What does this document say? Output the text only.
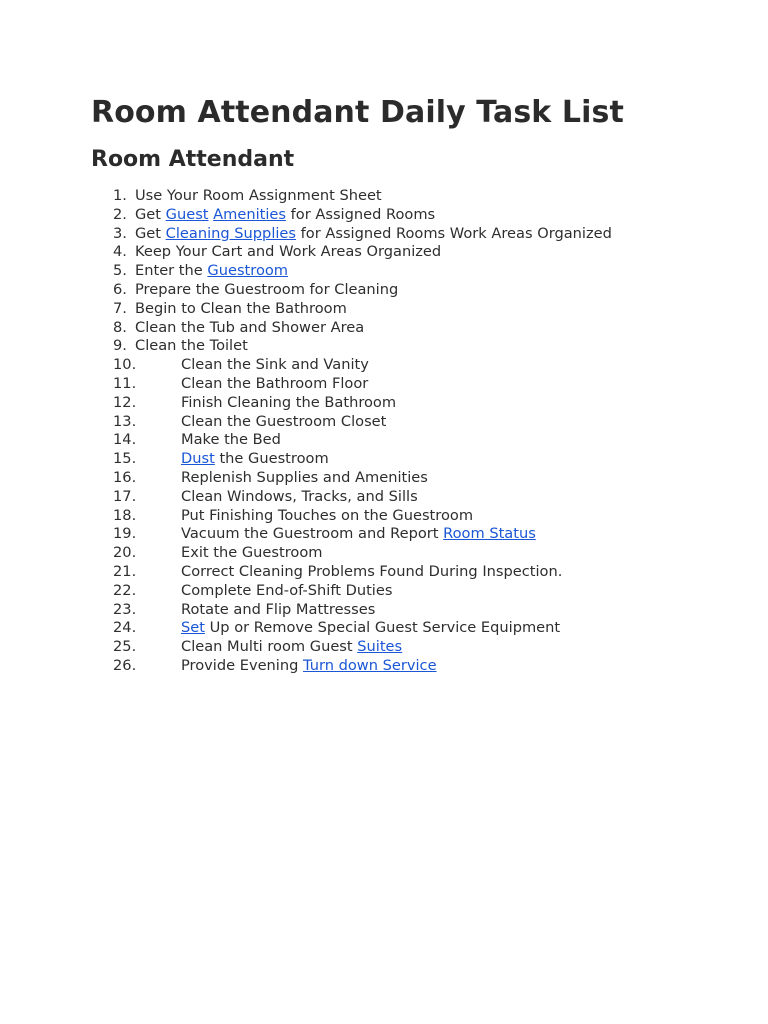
Room Attendant Daily Task List
Room Attendant
1. Use Your Room Assignment Sheet
2. Get Guest Amenities for Assigned Rooms
3. Get Cleaning Supplies for Assigned Rooms Work Areas Organized
4. Keep Your Cart and Work Areas Organized
5. Enter the Guestroom
6. Prepare the Guestroom for Cleaning
7. Begin to Clean the Bathroom
8. Clean the Tub and Shower Area
9. Clean the Toilet
10.	Clean the Sink and Vanity
11.	Clean the Bathroom Floor
12.	Finish Cleaning the Bathroom
13.	Clean the Guestroom Closet
14.	Make the Bed
15.	Dust the Guestroom
16.	Replenish Supplies and Amenities
17.	Clean Windows, Tracks, and Sills
18.	Put Finishing Touches on the Guestroom
19.	Vacuum the Guestroom and Report Room Status
20.	Exit the Guestroom
21.	Correct Cleaning Problems Found During Inspection.
22.	Complete End-of-Shift Duties
23.	Rotate and Flip Mattresses
24.	Set Up or Remove Special Guest Service Equipment
25.	Clean Multi room Guest Suites
26.	Provide Evening Turn down Service
